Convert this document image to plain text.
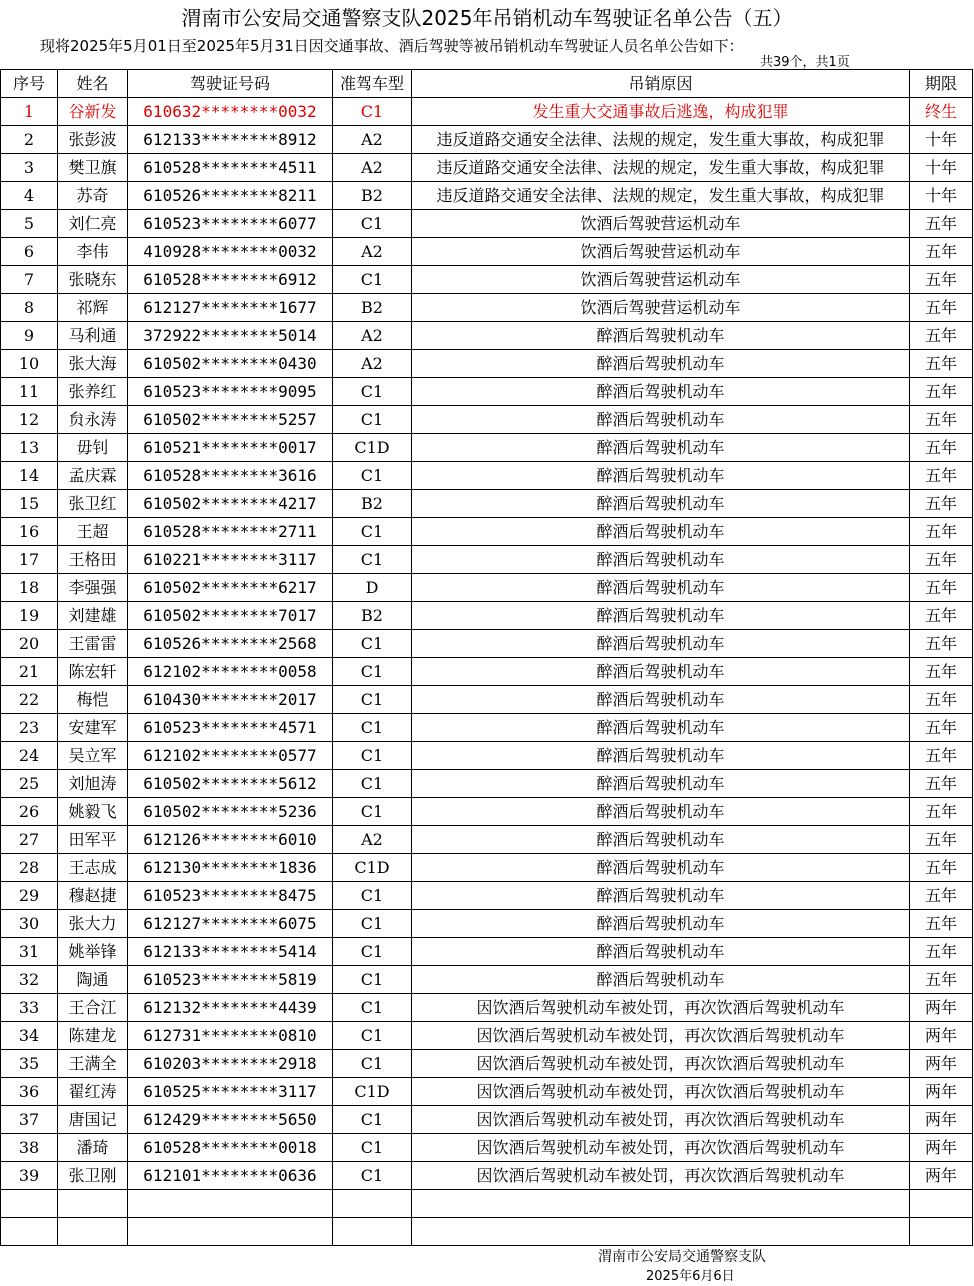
渭南市公安局交通警察支队2025年吊销机动车驾驶证名单公告（五）
现将2025年5月01日至2025年5月31日因交通事故、酒后驾驶等被吊销机动车驾驶证人员名单公告如下：
共39个，共1页
序号	姓名	驾驶证号码	准驾车型	吊销原因	期限
1	谷新发	610632********0032	C1	发生重大交通事故后逃逸，构成犯罪	终生
2	张彭波	612133********8912	A2	违反道路交通安全法律、法规的规定，发生重大事故，构成犯罪	十年
3	樊卫旗	610528********4511	A2	违反道路交通安全法律、法规的规定，发生重大事故，构成犯罪	十年
4	苏奇	610526********8211	B2	违反道路交通安全法律、法规的规定，发生重大事故，构成犯罪	十年
5	刘仁亮	610523********6077	C1	饮酒后驾驶营运机动车	五年
6	李伟	410928********0032	A2	饮酒后驾驶营运机动车	五年
7	张晓东	610528********6912	C1	饮酒后驾驶营运机动车	五年
8	祁辉	612127********1677	B2	饮酒后驾驶营运机动车	五年
9	马利通	372922********5014	A2	醉酒后驾驶机动车	五年
10	张大海	610502********0430	A2	醉酒后驾驶机动车	五年
11	张养红	610523********9095	C1	醉酒后驾驶机动车	五年
12	贠永涛	610502********5257	C1	醉酒后驾驶机动车	五年
13	毋钊	610521********0017	C1D	醉酒后驾驶机动车	五年
14	孟庆霖	610528********3616	C1	醉酒后驾驶机动车	五年
15	张卫红	610502********4217	B2	醉酒后驾驶机动车	五年
16	王超	610528********2711	C1	醉酒后驾驶机动车	五年
17	王格田	610221********3117	C1	醉酒后驾驶机动车	五年
18	李强强	610502********6217	D	醉酒后驾驶机动车	五年
19	刘建雄	610502********7017	B2	醉酒后驾驶机动车	五年
20	王雷雷	610526********2568	C1	醉酒后驾驶机动车	五年
21	陈宏轩	612102********0058	C1	醉酒后驾驶机动车	五年
22	梅恺	610430********2017	C1	醉酒后驾驶机动车	五年
23	安建军	610523********4571	C1	醉酒后驾驶机动车	五年
24	吴立军	612102********0577	C1	醉酒后驾驶机动车	五年
25	刘旭涛	610502********5612	C1	醉酒后驾驶机动车	五年
26	姚毅飞	610502********5236	C1	醉酒后驾驶机动车	五年
27	田军平	612126********6010	A2	醉酒后驾驶机动车	五年
28	王志成	612130********1836	C1D	醉酒后驾驶机动车	五年
29	穆赵捷	610523********8475	C1	醉酒后驾驶机动车	五年
30	张大力	612127********6075	C1	醉酒后驾驶机动车	五年
31	姚举锋	612133********5414	C1	醉酒后驾驶机动车	五年
32	陶通	610523********5819	C1	醉酒后驾驶机动车	五年
33	王合江	612132********4439	C1	因饮酒后驾驶机动车被处罚，再次饮酒后驾驶机动车	两年
34	陈建龙	612731********0810	C1	因饮酒后驾驶机动车被处罚，再次饮酒后驾驶机动车	两年
35	王满全	610203********2918	C1	因饮酒后驾驶机动车被处罚，再次饮酒后驾驶机动车	两年
36	翟红涛	610525********3117	C1D	因饮酒后驾驶机动车被处罚，再次饮酒后驾驶机动车	两年
37	唐国记	612429********5650	C1	因饮酒后驾驶机动车被处罚，再次饮酒后驾驶机动车	两年
38	潘琦	610528********0018	C1	因饮酒后驾驶机动车被处罚，再次饮酒后驾驶机动车	两年
39	张卫刚	612101********0636	C1	因饮酒后驾驶机动车被处罚，再次饮酒后驾驶机动车	两年

渭南市公安局交通警察支队
2025年6月6日
